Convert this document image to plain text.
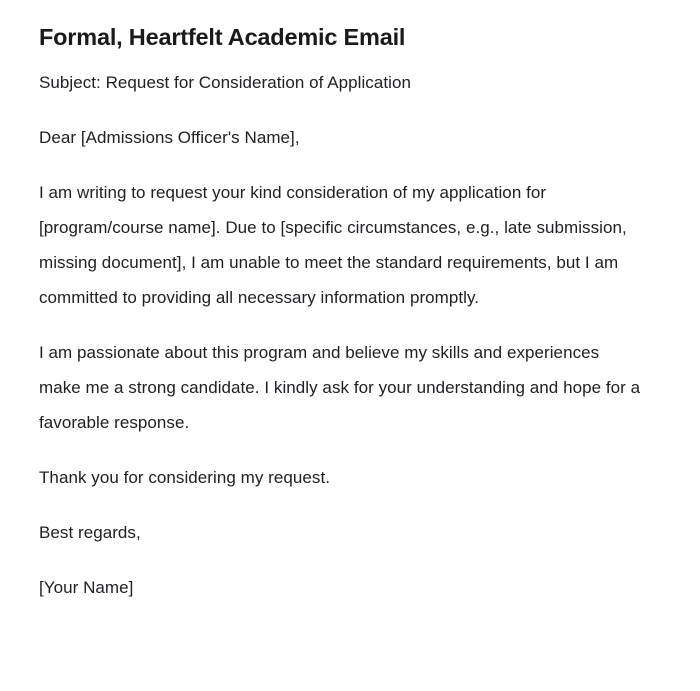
Formal, Heartfelt Academic Email

Subject: Request for Consideration of Application

Dear [Admissions Officer's Name],

I am writing to request your kind consideration of my application for [program/course name]. Due to [specific circumstances, e.g., late submission, missing document], I am unable to meet the standard requirements, but I am committed to providing all necessary information promptly.

I am passionate about this program and believe my skills and experiences make me a strong candidate. I kindly ask for your understanding and hope for a favorable response.

Thank you for considering my request.

Best regards,

[Your Name]
